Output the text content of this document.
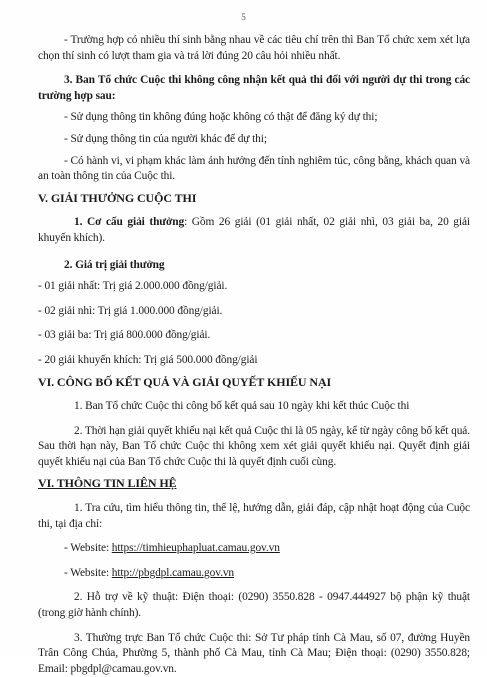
5

- Trường hợp có nhiều thí sinh bằng nhau về các tiêu chí trên thì Ban Tổ chức xem xét lựa chọn thí sinh có lượt tham gia và trả lời đúng 20 câu hỏi nhiều nhất.

3. Ban Tổ chức Cuộc thi không công nhận kết quả thi đối với người dự thi trong các trường hợp sau:

- Sử dụng thông tin không đúng hoặc không có thật để đăng ký dự thi;

- Sử dụng thông tin của người khác để dự thi;

- Có hành vi, vi phạm khác làm ảnh hưởng đến tính nghiêm túc, công bằng, khách quan và an toàn thông tin của Cuộc thi.

V. GIẢI THƯỞNG CUỘC THI

1. Cơ cấu giải thưởng: Gồm 26 giải (01 giải nhất, 02 giải nhì, 03 giải ba, 20 giải khuyến khích).

2. Giá trị giải thưởng

- 01 giải nhất: Trị giá 2.000.000 đồng/giải.

- 02 giải nhì: Trị giá 1.000.000 đồng/giải.

- 03 giải ba: Trị giá 800.000 đồng/giải.

- 20 giải khuyến khích: Trị giá 500.000 đồng/giải

VI. CÔNG BỐ KẾT QUẢ VÀ GIẢI QUYẾT KHIẾU NẠI

1. Ban Tổ chức Cuộc thi công bố kết quả sau 10 ngày khi kết thúc Cuộc thi

2. Thời hạn giải quyết khiếu nại kết quả Cuộc thi là 05 ngày, kể từ ngày công bố kết quả. Sau thời hạn này, Ban Tổ chức Cuộc thi không xem xét giải quyết khiếu nại. Quyết định giải quyết khiếu nại của Ban Tổ chức Cuộc thi là quyết định cuối cùng.

VI. THÔNG TIN LIÊN HỆ

1. Tra cứu, tìm hiểu thông tin, thể lệ, hướng dẫn, giải đáp, cập nhật hoạt động của Cuộc thi, tại địa chỉ:

- Website: https://timhieuphapluat.camau.gov.vn

- Website: http://pbgdpl.camau.gov.vn

2. Hỗ trợ về kỹ thuật: Điện thoại: (0290) 3550.828 - 0947.444927 bộ phận kỹ thuật (trong giờ hành chính).

3. Thường trực Ban Tổ chức Cuộc thi: Sở Tư pháp tỉnh Cà Mau, số 07, đường Huyền Trân Công Chúa, Phường 5, thành phố Cà Mau, tỉnh Cà Mau; Điện thoại: (0290) 3550.828; Email: pbgdpl@camau.gov.vn.
